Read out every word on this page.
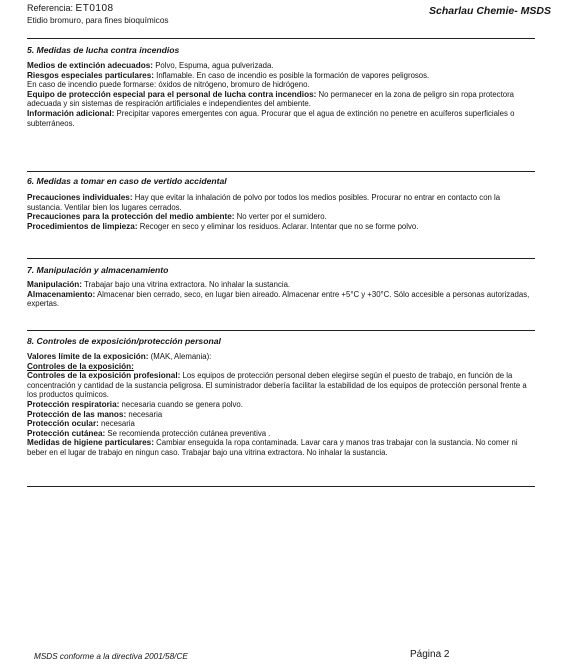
Referencia: ET0108
Etidio bromuro, para fines bioquímicos
Scharlau Chemie- MSDS
5. Medidas de lucha contra incendios

Medios de extinción adecuados: Polvo, Espuma, agua pulverizada.

Riesgos especiales particulares: Inflamable. En caso de incendio es posible la formación de vapores peligrosos.

En caso de incendio puede formarse: óxidos de nitrógeno, bromuro de hidrógeno.

Equipo de protección especial para el personal de lucha contra incendios: No permanecer en la zona de peligro sin ropa protectora adecuada y sin sistemas de respiración artificiales e independientes del ambiente.

Información adicional: Precipitar vapores emergentes con agua. Procurar que el agua de extinción no penetre en acuíferos superficiales o subterráneos.

6. Medidas a tomar en caso de vertido accidental

Precauciones individuales: Hay que evitar la inhalación de polvo por todos los medios posibles. Procurar no entrar en contacto con la sustancia. Ventilar bien los lugares cerrados.

Precauciones para la protección del medio ambiente: No verter por el sumidero.

Procedimientos de limpieza: Recoger en seco y eliminar los residuos. Aclarar. Intentar que no se forme polvo.

7. Manipulación y almacenamiento

Manipulación: Trabajar bajo una vitrina extractora. No inhalar la sustancia.

Almacenamiento: Almacenar bien cerrado, seco, en lugar bien aireado. Almacenar entre +5°C y +30°C. Sólo accesible a personas autorizadas, expertas.

8. Controles de exposición/protección personal

Valores límite de la exposición: (MAK, Alemania):

Controles de la exposición:

Controles de la exposición profesional: Los equipos de protección personal deben elegirse según el puesto de trabajo, en función de la concentración y cantidad de la sustancia peligrosa. El suministrador debería facilitar la estabilidad de los equipos de protección personal frente a los productos químicos.

Protección respiratoria: necesaria cuando se genera polvo.

Protección de las manos: necesaria

Protección ocular: necesaria

Protección cutánea: Se recomienda protección cutánea preventiva .

Medidas de higiene particulares: Cambiar enseguida la ropa contaminada. Lavar cara y manos tras trabajar con la sustancia. No comer ni beber en el lugar de trabajo en ningun caso. Trabajar bajo una vitrina extractora. No inhalar la sustancia.

MSDS conforme a la directiva 2001/58/CE	Página 2
